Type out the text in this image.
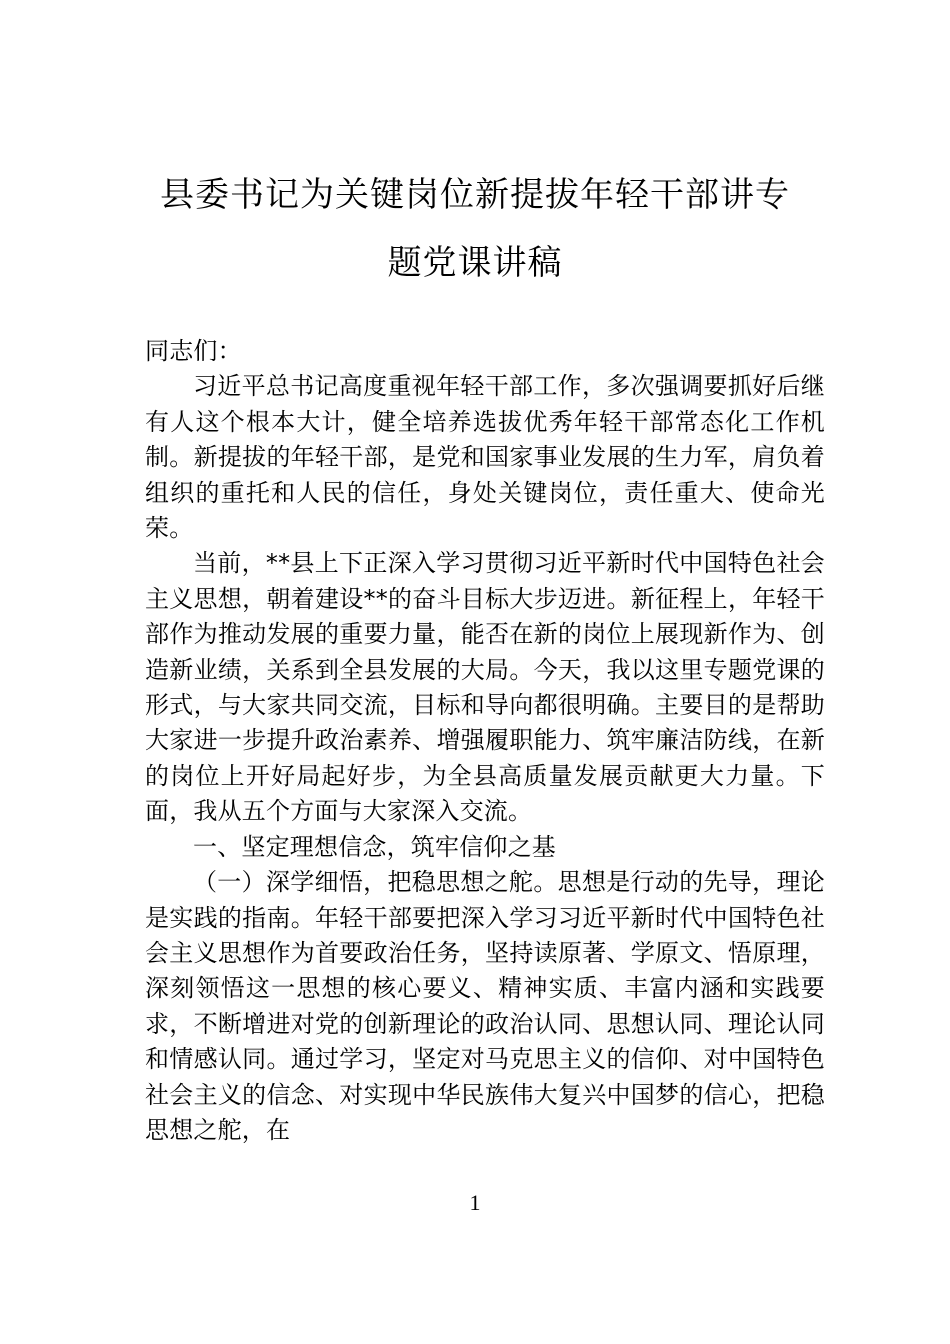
县委书记为关键岗位新提拔年轻干部讲专
题党课讲稿

同志们：

习近平总书记高度重视年轻干部工作，多次强调要抓好后继有人这个根本大计，健全培养选拔优秀年轻干部常态化工作机制。新提拔的年轻干部，是党和国家事业发展的生力军，肩负着组织的重托和人民的信任，身处关键岗位，责任重大、使命光荣。

当前，**县上下正深入学习贯彻习近平新时代中国特色社会主义思想，朝着建设**的奋斗目标大步迈进。新征程上，年轻干部作为推动发展的重要力量，能否在新的岗位上展现新作为、创造新业绩，关系到全县发展的大局。今天，我以这里专题党课的形式，与大家共同交流，目标和导向都很明确。主要目的是帮助大家进一步提升政治素养、增强履职能力、筑牢廉洁防线，在新的岗位上开好局起好步，为全县高质量发展贡献更大力量。下面，我从五个方面与大家深入交流。

一、坚定理想信念，筑牢信仰之基

（一）深学细悟，把稳思想之舵。思想是行动的先导，理论是实践的指南。年轻干部要把深入学习习近平新时代中国特色社会主义思想作为首要政治任务，坚持读原著、学原文、悟原理，深刻领悟这一思想的核心要义、精神实质、丰富内涵和实践要求，不断增进对党的创新理论的政治认同、思想认同、理论认同和情感认同。通过学习，坚定对马克思主义的信仰、对中国特色社会主义的信念、对实现中华民族伟大复兴中国梦的信心，把稳思想之舵，在

1
